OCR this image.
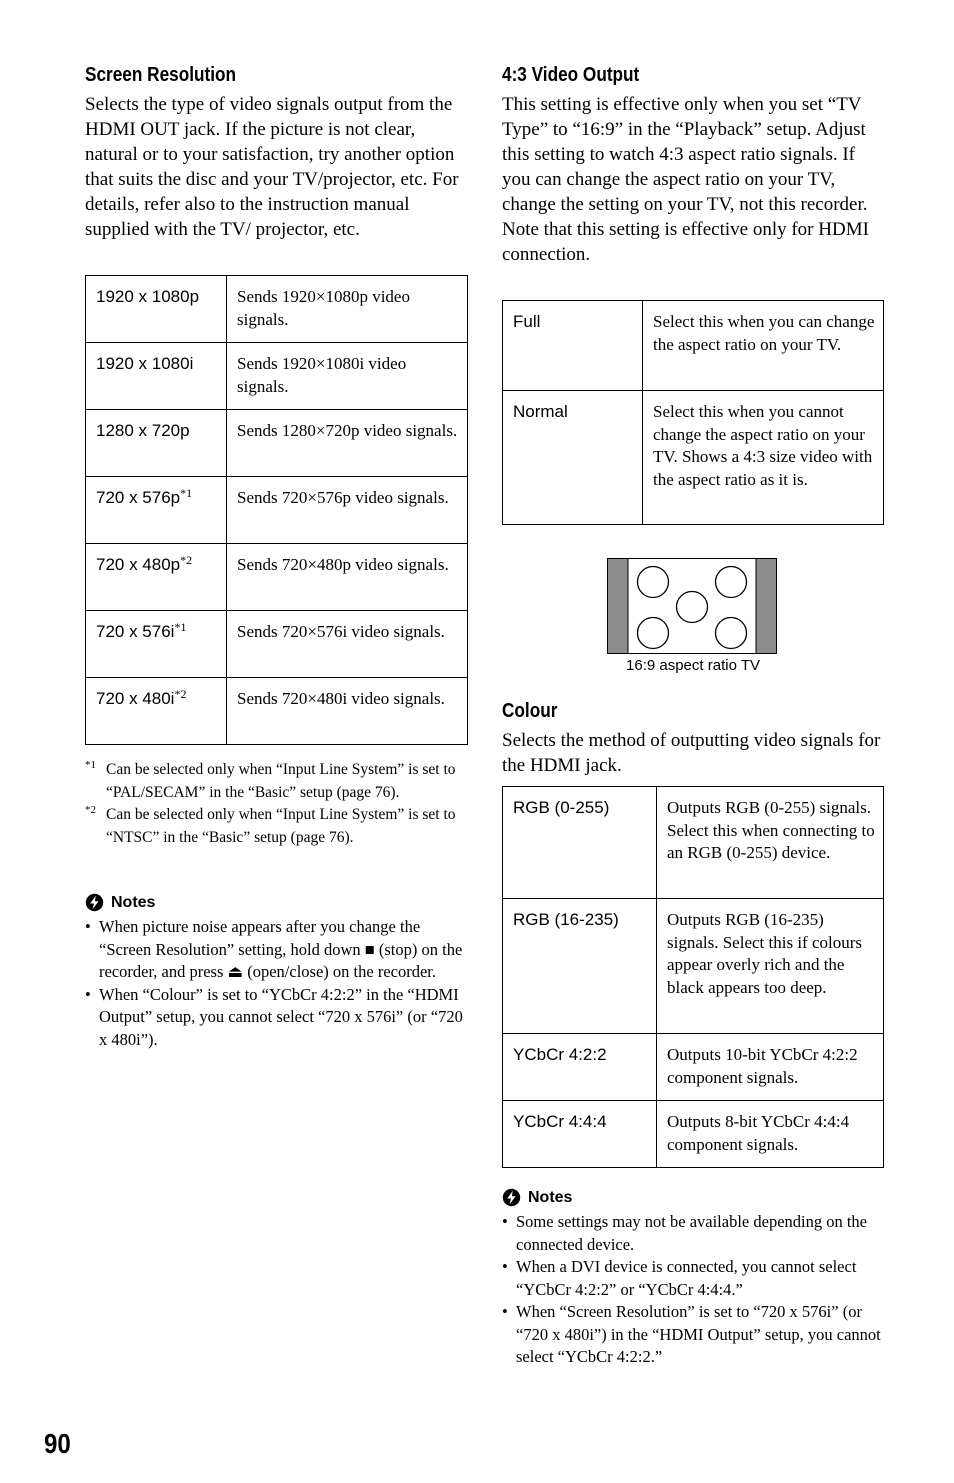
Screen Resolution

Selects the type of video signals output from the HDMI OUT jack. If the picture is not clear, natural or to your satisfaction, try another option that suits the disc and your TV/projector, etc. For details, refer also to the instruction manual supplied with the TV/ projector, etc.

1920 x 1080p	Sends 1920×1080p video signals.
1920 x 1080i	Sends 1920×1080i video signals.
1280 x 720p	Sends 1280×720p video signals.
720 x $576p^{*1}$	Sends 720×576p video signals.
720 x $480p^{*2}$	Sends 720×480p video signals.
720 x $576i^{*1}$	Sends 720×576i video signals.
720 x $480i^{*2}$	Sends 720×480i video signals.
*1 Can be selected only when “Input Line System” is set to “PAL/SECAM” in the “Basic” setup (page 76).
*2 Can be selected only when “Input Line System” is set to “NTSC” in the “Basic” setup (page 76).
Notes
• When picture noise appears after you change the “Screen Resolution” setting, hold down ■ (stop) on the recorder, and press ⏏ (open/close) on the recorder.
• When “Colour” is set to “YCbCr 4:2:2” in the “HDMI Output” setup, you cannot select “720 x 576i” (or “720 x 480i”).
4:3 Video Output

This setting is effective only when you set “TV Type” to “16:9” in the “Playback” setup. Adjust this setting to watch 4:3 aspect ratio signals. If you can change the aspect ratio on your TV, change the setting on your TV, not this recorder.

Note that this setting is effective only for HDMI connection.

Full	Select this when you can change the aspect ratio on your TV.
Normal	Select this when you cannot change the aspect ratio on your TV. Shows a 4:3 size video with the aspect ratio as it is.
16:9 aspect ratio TV
Colour

Selects the method of outputting video signals for the HDMI jack.

RGB (0-255)	Outputs RGB (0-255) signals. Select this when connecting to an RGB (0-255) device.
RGB (16-235)	Outputs RGB (16-235) signals. Select this if colours appear overly rich and the black appears too deep.
YCbCr 4:2:2	Outputs 10-bit YCbCr 4:2:2 component signals.
YCbCr 4:4:4	Outputs 8-bit YCbCr 4:4:4 component signals.
Notes
• Some settings may not be available depending on the connected device.
• When a DVI device is connected, you cannot select “YCbCr 4:2:2” or “YCbCr 4:4:4.”
• When “Screen Resolution” is set to “720 x 576i” (or “720 x 480i”) in the “HDMI Output” setup, you cannot select “YCbCr 4:2:2.”
90
